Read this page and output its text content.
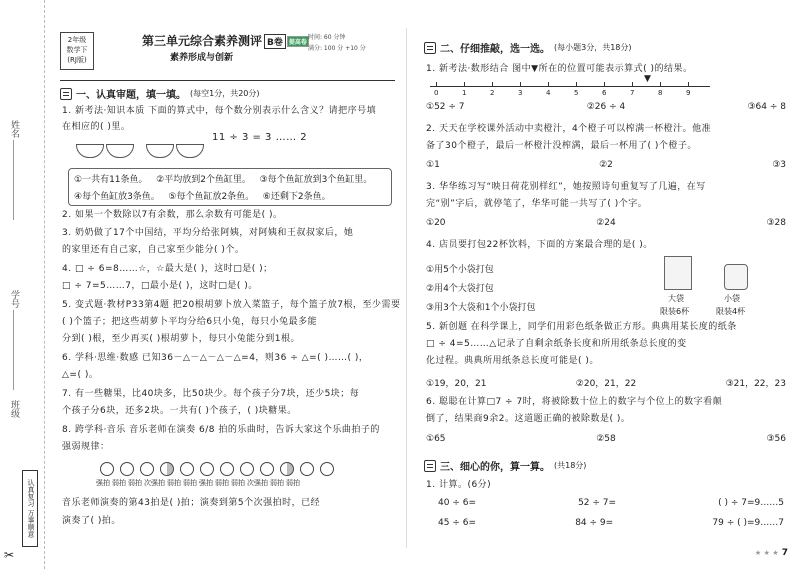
姓名
学号
班级
认真复习 万事顺意
✂
2年级
数学下
(RJ版)
第三单元综合素养测评 B卷 提高卷
素养形成与创新
时间: 60 分钟
满分: 100 分 +10 分
一、认真审题，填一填。 (每空1分，共20分)
1. 新考法·知识本质 下面的算式中，每个数分别表示什么含义？请把序号填
在相应的( )里。
11 ÷ 3 = 3 …… 2
①一共有11条鱼。 ②平均放到2个鱼缸里。 ③每个鱼缸放到3个鱼缸里。
④每个鱼缸放3条鱼。 ⑤每个鱼缸放2条鱼。 ⑥还剩下2条鱼。
2. 如果一个数除以7有余数，那么余数有可能是( )。
3. 奶奶做了17个中国结，平均分给张阿姨，对阿姨和王叔叔家后，她
的家里还有自己家，自己家至少能分( )个。
4. □ ÷ 6=8……☆，☆最大是( )，这时□是( )；
□ ÷ 7=5……7，□最小是( )，这时□是( )。
5. 变式题·教材P33第4题 把20根胡萝卜放入菜篮子，每个篮子放7根，至少需要
( )个篮子；把这些胡萝卜平均分给6只小兔，每只小兔最多能
分到( )根，至少再买( )根胡萝卜，每只小兔能分到1根。
6. 学科·思维·数感 已知36－△－△－△－△=4，则36 ÷ △=( )……( )，
△=( )。
7. 有一些糖果，比40块多，比50块少。每个孩子分7块，还少5块；每
个孩子分6块，还多2块。一共有( )个孩子，( )块糖果。
8. 跨学科·音乐 音乐老师在演奏 6/8 拍的乐曲时，告诉大家这个乐曲拍子的
强弱规律：
强拍 弱拍 弱拍 次强拍 弱拍 弱拍 强拍 弱拍 弱拍 次强拍 弱拍 弱拍
音乐老师演奏的第43拍是( )拍；演奏到第5个次强拍时，已经
演奏了( )拍。
二、仔细推敲，选一选。 (每小题3分，共18分)
1. 新考法·数形结合 图中▼所在的位置可能表示算式( )的结果。
0	1	2	3	4	5	6	7	8	9
▼
①52 ÷ 7	②26 ÷ 4	③64 ÷ 8
2. 天天在学校课外活动中卖橙汁，4个橙子可以榨满一杯橙汁。他准
备了30个橙子，最后一杯橙汁没榨满，最后一杯用了( )个橙子。
①1	②2	③3
3. 华华练习写“映日荷花别样红”，她按照诗句重复写了几遍，在写
完“别”字后，就停笔了，华华可能一共写了( )个字。
①20	②24	③28
4. 店员要打包22杯饮料，下面的方案最合理的是( )。
①用5个小袋打包
②用4个大袋打包
③用3个大袋和1个小袋打包
大袋
限装6杯
小袋
限装4杯
5. 新创题 在科学课上，同学们用彩色纸条做正方形。典典用某长度的纸条
□ ÷ 4=5……△记录了自剩余纸条长度和所用纸条总长度的变
化过程。典典所用纸条总长度可能是( )。
①19，20，21	②20，21，22	③21，22，23
6. 聪聪在计算□7 ÷ 7时，将被除数十位上的数字与个位上的数字看颠
倒了，结果商9余2。这道题正确的被除数是( )。
①65	②58	③56
三、细心的你，算一算。 (共18分)
1. 计算。(6分)
40 ÷ 6=	52 ÷ 7=	( ) ÷ 7=9……5
45 ÷ 6=	84 ÷ 9=	79 ÷ ( )=9……7
★ ★ ★ 7
